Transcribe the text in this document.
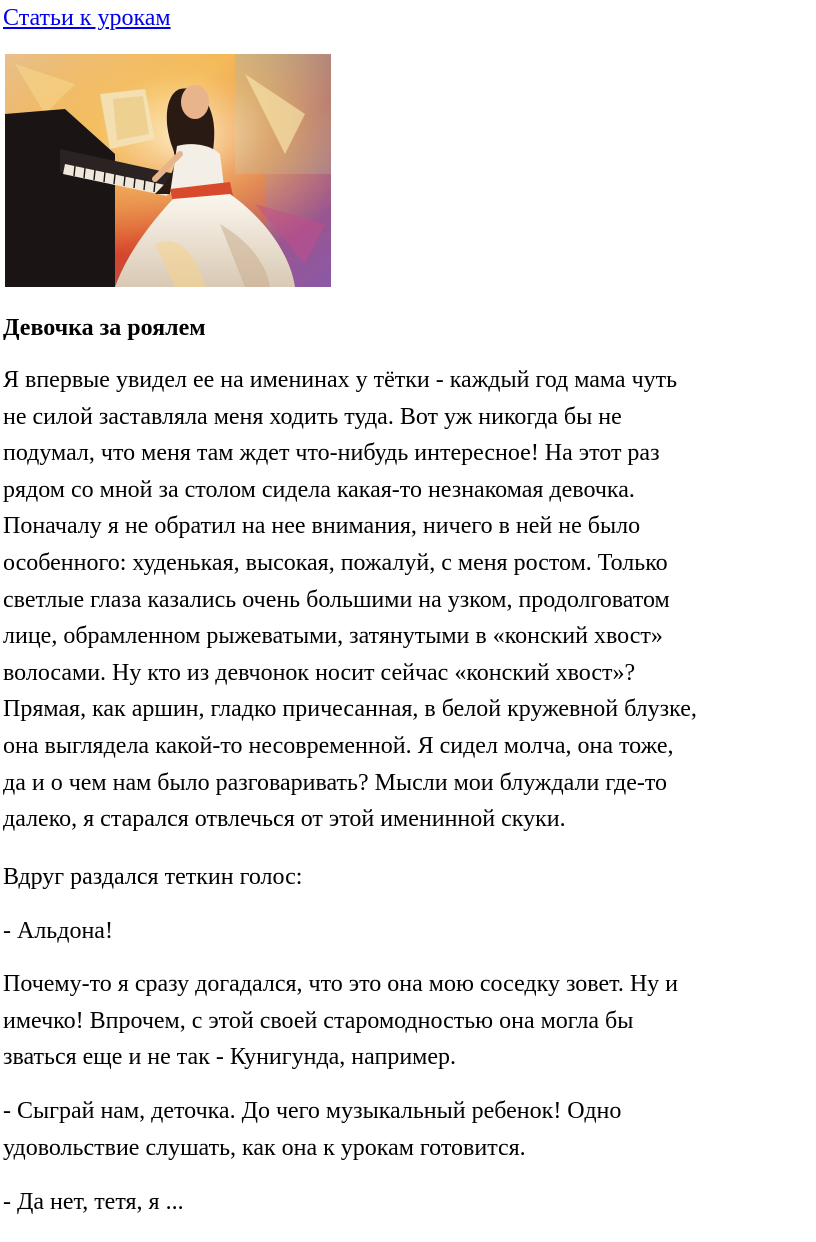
Статьи к урокам
Девочка за роялем

Я впервые увидел ее на именинах у тётки - каждый год мама чуть
не силой заставляла меня ходить туда. Вот уж никогда бы не
подумал, что меня там ждет что-нибудь интересное! На этот раз
рядом со мной за столом сидела какая-то незнакомая девочка.
Поначалу я не обратил на нее внимания, ничего в ней не было
особенного: худенькая, высокая, пожалуй, с меня ростом. Только
светлые глаза казались очень большими на узком, продолговатом
лице, обрамленном рыжеватыми, затянутыми в «конский хвост»
волосами. Ну кто из девчонок носит сейчас «конский хвост»?
Прямая, как аршин, гладко причесанная, в белой кружевной блузке,
она выглядела какой-то несовременной. Я сидел молча, она тоже,
да и о чем нам было разговаривать? Мысли мои блуждали где-то
далеко, я старался отвлечься от этой именинной скуки.

Вдруг раздался теткин голос:

- Альдона!

Почему-то я сразу догадался, что это она мою соседку зовет. Ну и
имечко! Впрочем, с этой своей старомодностью она могла бы
зваться еще и не так - Кунигунда, например.

- Сыграй нам, деточка. До чего музыкальный ребенок! Одно
удовольствие слушать, как она к урокам готовится.

- Да нет, тетя, я ...
